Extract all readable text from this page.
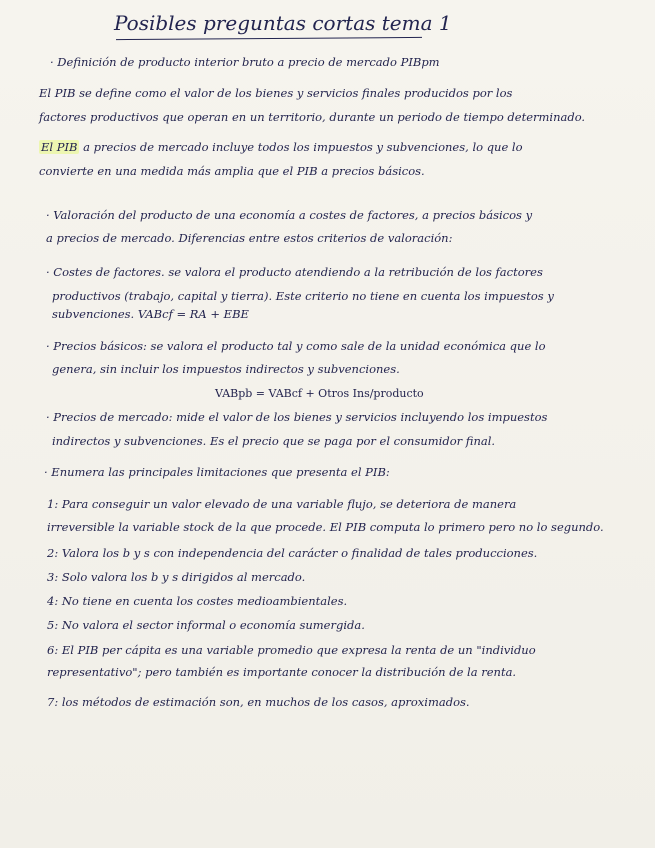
Posibles preguntas cortas tema 1
· Definición de producto interior bruto a precio de mercado PIBpm
El PIB se define como el valor de los bienes y servicios finales producidos por los
factores productivos que operan en un territorio, durante un periodo de tiempo determinado.
El PIB a precios de mercado incluye todos los impuestos y subvenciones, lo que lo
convierte en una medida más amplia que el PIB a precios básicos.
· Valoración del producto de una economía a costes de factores, a precios básicos y
a precios de mercado. Diferencias entre estos criterios de valoración:
· Costes de factores. se valora el producto atendiendo a la retribución de los factores
productivos (trabajo, capital y tierra). Este criterio no tiene en cuenta los impuestos y
subvenciones. VABcf = RA + EBE
· Precios básicos: se valora el producto tal y como sale de la unidad económica que lo
genera, sin incluir los impuestos indirectos y subvenciones.
VABpb = VABcf + Otros Ins/producto
· Precios de mercado: mide el valor de los bienes y servicios incluyendo los impuestos
indirectos y subvenciones. Es el precio que se paga por el consumidor final.
· Enumera las principales limitaciones que presenta el PIB:
1: Para conseguir un valor elevado de una variable flujo, se deteriora de manera
irreversible la variable stock de la que procede. El PIB computa lo primero pero no lo segundo.
2: Valora los b y s con independencia del carácter o finalidad de tales producciones.
3: Solo valora los b y s dirigidos al mercado.
4: No tiene en cuenta los costes medioambientales.
5: No valora el sector informal o economía sumergida.
6: El PIB per cápita es una variable promedio que expresa la renta de un "individuo
representativo"; pero también es importante conocer la distribución de la renta.
7: los métodos de estimación son, en muchos de los casos, aproximados.
